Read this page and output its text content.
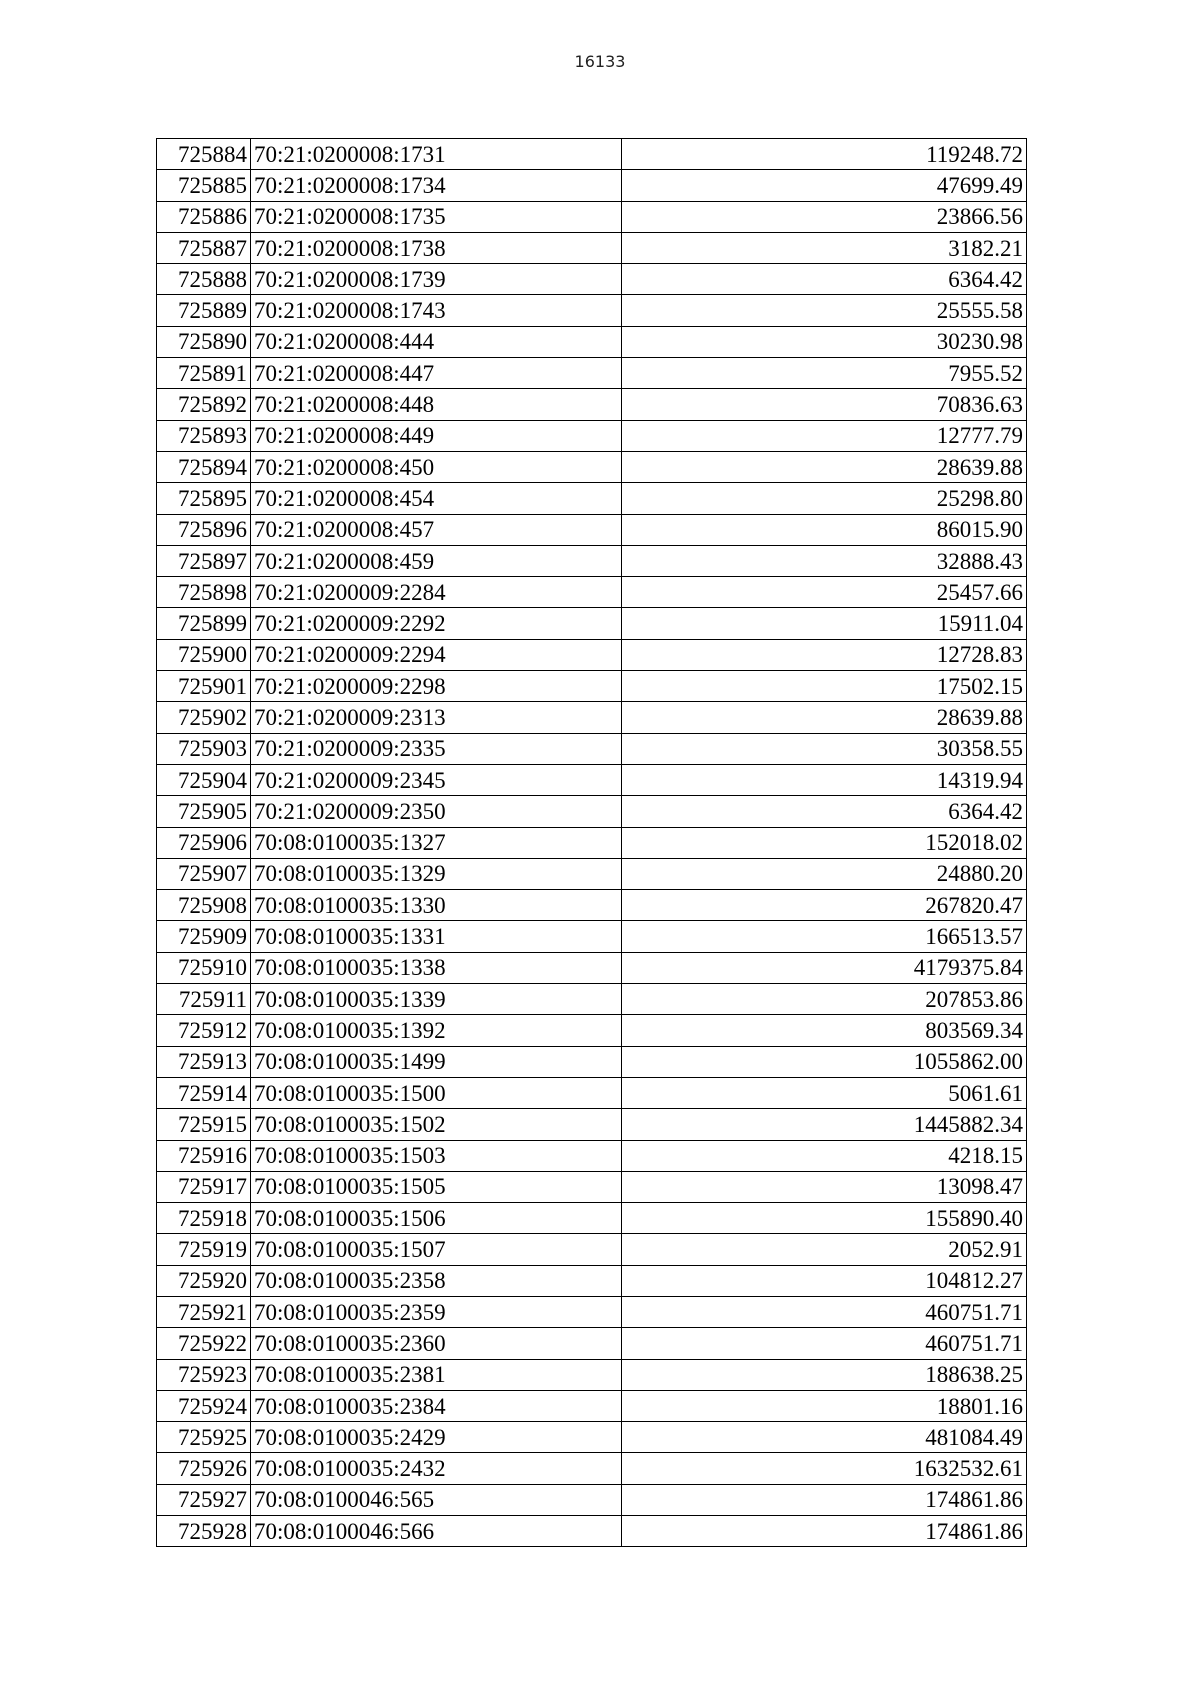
16133
725884	70:21:0200008:1731	119248.72
725885	70:21:0200008:1734	47699.49
725886	70:21:0200008:1735	23866.56
725887	70:21:0200008:1738	3182.21
725888	70:21:0200008:1739	6364.42
725889	70:21:0200008:1743	25555.58
725890	70:21:0200008:444	30230.98
725891	70:21:0200008:447	7955.52
725892	70:21:0200008:448	70836.63
725893	70:21:0200008:449	12777.79
725894	70:21:0200008:450	28639.88
725895	70:21:0200008:454	25298.80
725896	70:21:0200008:457	86015.90
725897	70:21:0200008:459	32888.43
725898	70:21:0200009:2284	25457.66
725899	70:21:0200009:2292	15911.04
725900	70:21:0200009:2294	12728.83
725901	70:21:0200009:2298	17502.15
725902	70:21:0200009:2313	28639.88
725903	70:21:0200009:2335	30358.55
725904	70:21:0200009:2345	14319.94
725905	70:21:0200009:2350	6364.42
725906	70:08:0100035:1327	152018.02
725907	70:08:0100035:1329	24880.20
725908	70:08:0100035:1330	267820.47
725909	70:08:0100035:1331	166513.57
725910	70:08:0100035:1338	4179375.84
725911	70:08:0100035:1339	207853.86
725912	70:08:0100035:1392	803569.34
725913	70:08:0100035:1499	1055862.00
725914	70:08:0100035:1500	5061.61
725915	70:08:0100035:1502	1445882.34
725916	70:08:0100035:1503	4218.15
725917	70:08:0100035:1505	13098.47
725918	70:08:0100035:1506	155890.40
725919	70:08:0100035:1507	2052.91
725920	70:08:0100035:2358	104812.27
725921	70:08:0100035:2359	460751.71
725922	70:08:0100035:2360	460751.71
725923	70:08:0100035:2381	188638.25
725924	70:08:0100035:2384	18801.16
725925	70:08:0100035:2429	481084.49
725926	70:08:0100035:2432	1632532.61
725927	70:08:0100046:565	174861.86
725928	70:08:0100046:566	174861.86
